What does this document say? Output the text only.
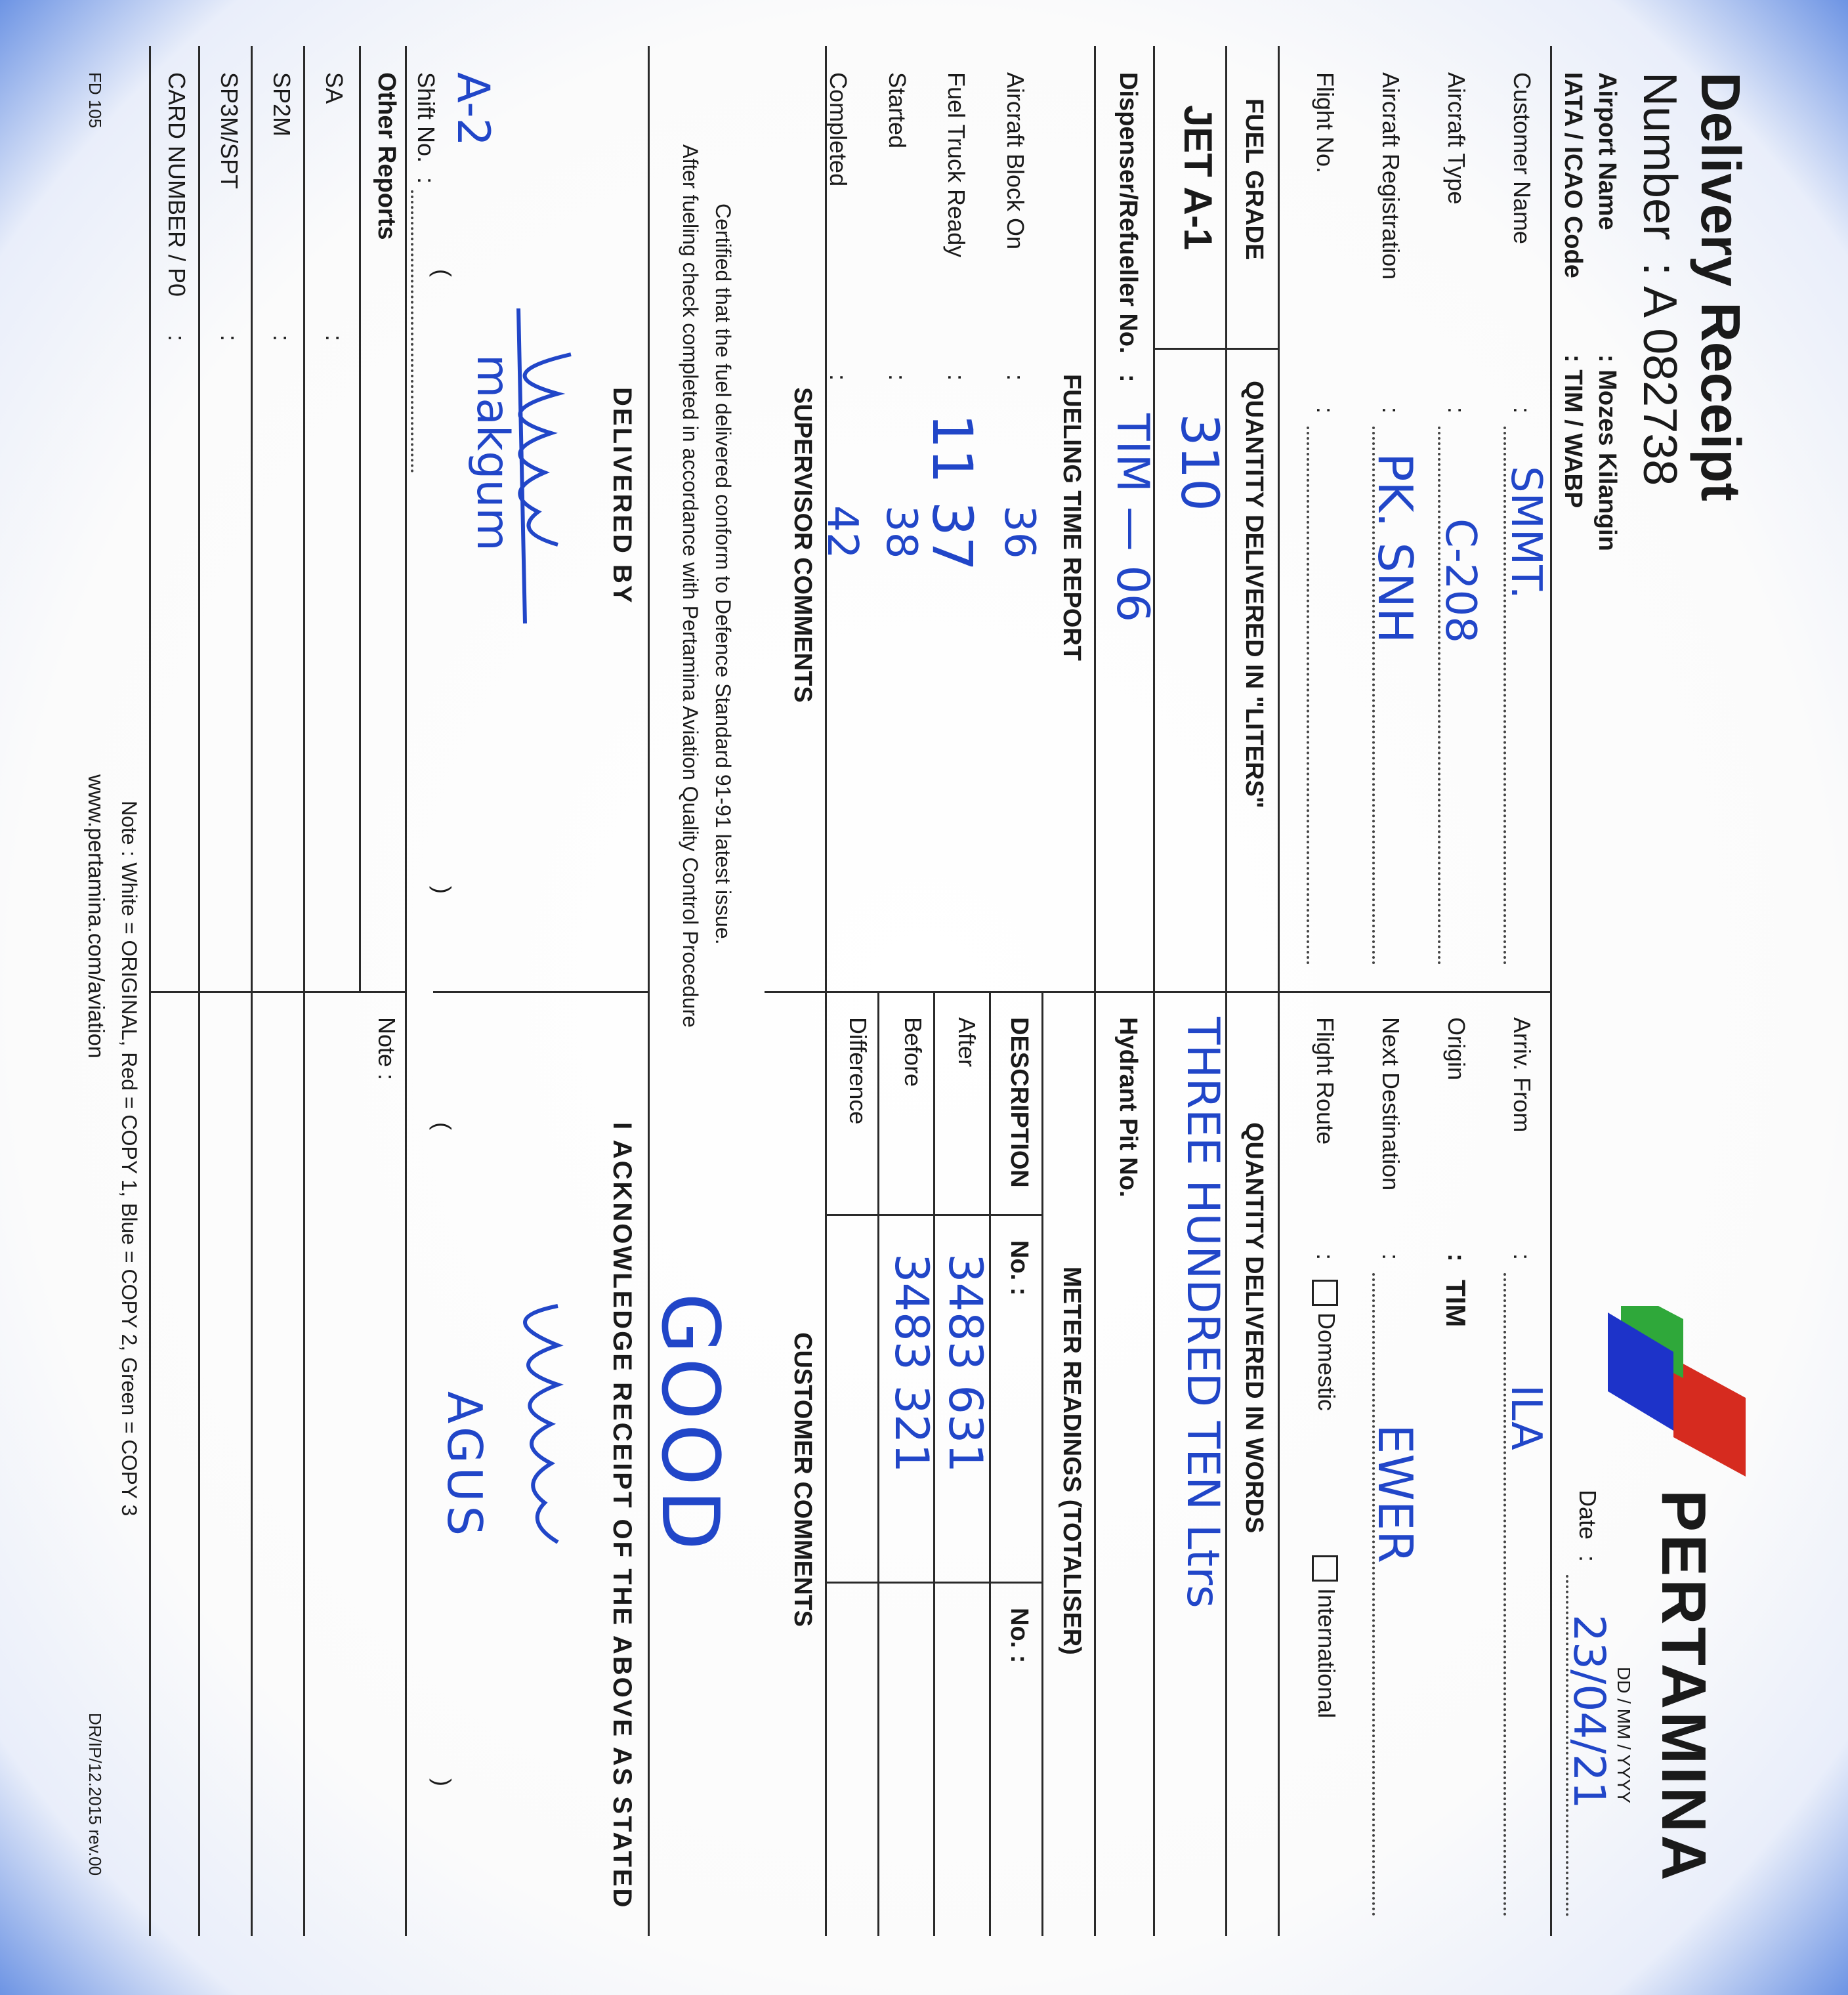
Delivery Receipt
Number
: A 082738
Airport Name
: Mozes Kilangin
IATA / ICAO Code
: TIM / WABP
PERTAMINA
DD / MM / YYYY
Date
:
23/04/21
Customer Name
:
SMMT.
Aircraft Type
:
C-208
Aircraft Registration
:
PK. SNH
Flight No.
:
Arriv. From
:
ILA
Origin
:
TIM
Next Destination
:
EWER
Flight Route
:
Domestic
International
FUEL GRADE
QUANTITY DELIVERED IN "LITERS"
QUANTITY DELIVERED IN WORDS
JET A-1
310
THREE HUNDRED TEN Ltrs
Dispenser/Refueller No.
:
TIM — 06
Hydrant Pit No.
FUELING TIME REPORT
Aircraft Block On
:
36
Fuel Truck Ready
:
11 37
Started
:
38
Completed
:
42
METER READINGS (TOTALISER)
DESCRIPTION
No. :
No. :
After
3483 631
Before
3483 321
Difference
SUPERVISOR COMMENTS
CUSTOMER COMMENTS
GOOD
Certified that the fuel delivered conform to Defence Standard 91-91 latest issue.
After fueling check completed in accordance with Pertamina Aviation Quality Control Procedure
DELIVERED BY
I ACKNOWLEDGE RECEIPT OF THE ABOVE AS STATED
makgum
(
)
AGUS
(
)
Shift No.
:
A-2
Other Reports
Note :
SA
:
SP2M
:
SP3M/SPT
:
CARD NUMBER / P0
:
Note : White = ORIGINAL, Red = COPY 1, Blue = COPY 2, Green = COPY 3
FD 105
www.pertamina.com/aviation
DR/IP/12.2015 rev.00
